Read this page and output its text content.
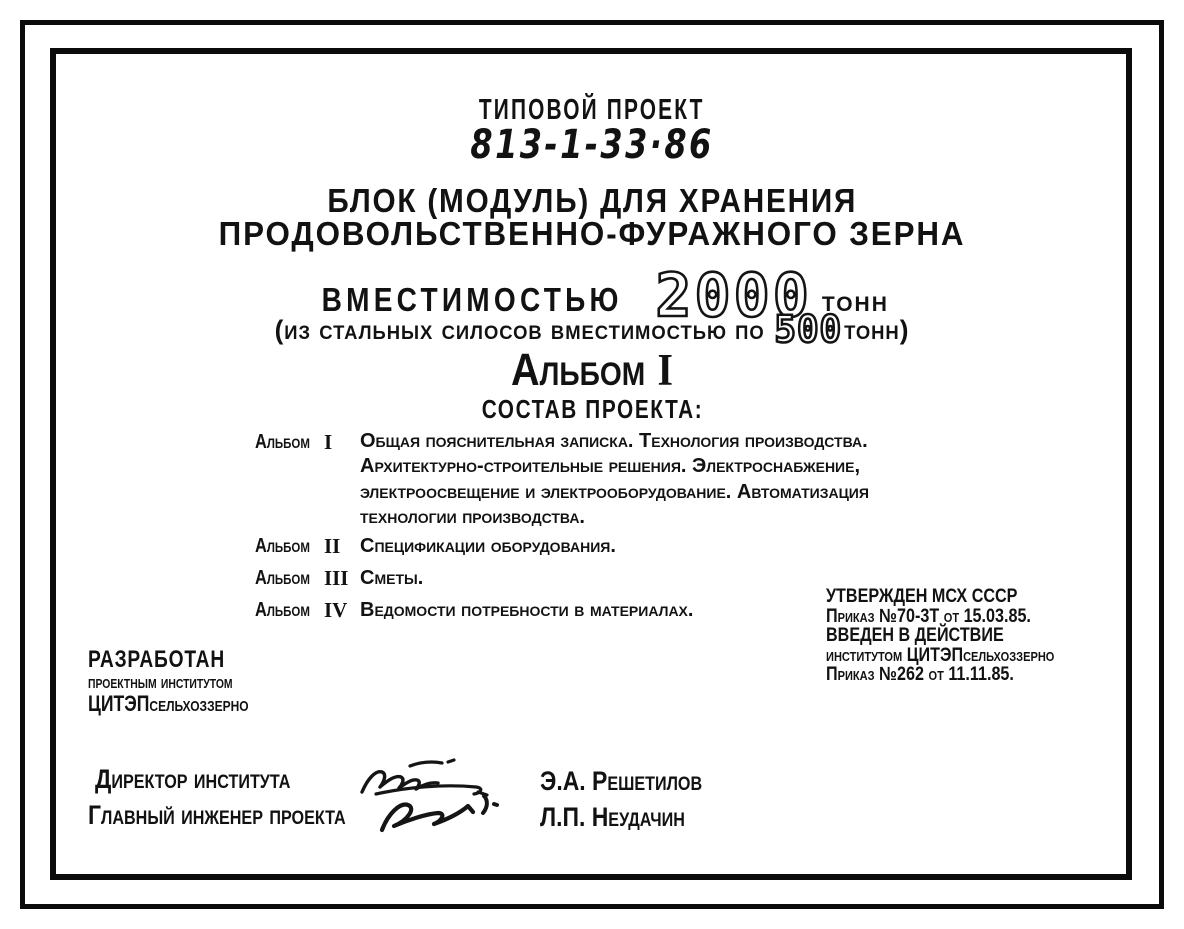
ТИПОВОЙ ПРОЕКТ
813-1-33·86
БЛОК (МОДУЛЬ) ДЛЯ ХРАНЕНИЯ
ПРОДОВОЛЬСТВЕННО-ФУРАЖНОГО ЗЕРНА
ВМЕСТИМОСТЬЮ 2000 тонн
(из стальных силосов вместимостью по 500 тонн)
Альбом I
СОСТАВ ПРОЕКТА:
Альбом I Общая пояснительная записка. Технология производства. Архитектурно-строительные решения. Электроснабжение, электроосвещение и электрооборудование. Автоматизация технологии производства.
Альбом II Спецификации оборудования.
Альбом III Сметы.
Альбом IV Ведомости потребности в материалах.
УТВЕРЖДЕН МСХ СССР
Приказ №70-3Т от 15.03.85.
ВВЕДЕН В ДЕЙСТВИЕ
институтом ЦИТЭПсельхоззерно
Приказ №262 от 11.11.85.
РАЗРАБОТАН
проектным институтом
ЦИТЭПсельхоззерно
Директор института
Главный инженер проекта
Э.А. Решетилов
Л.П. Неудачин
